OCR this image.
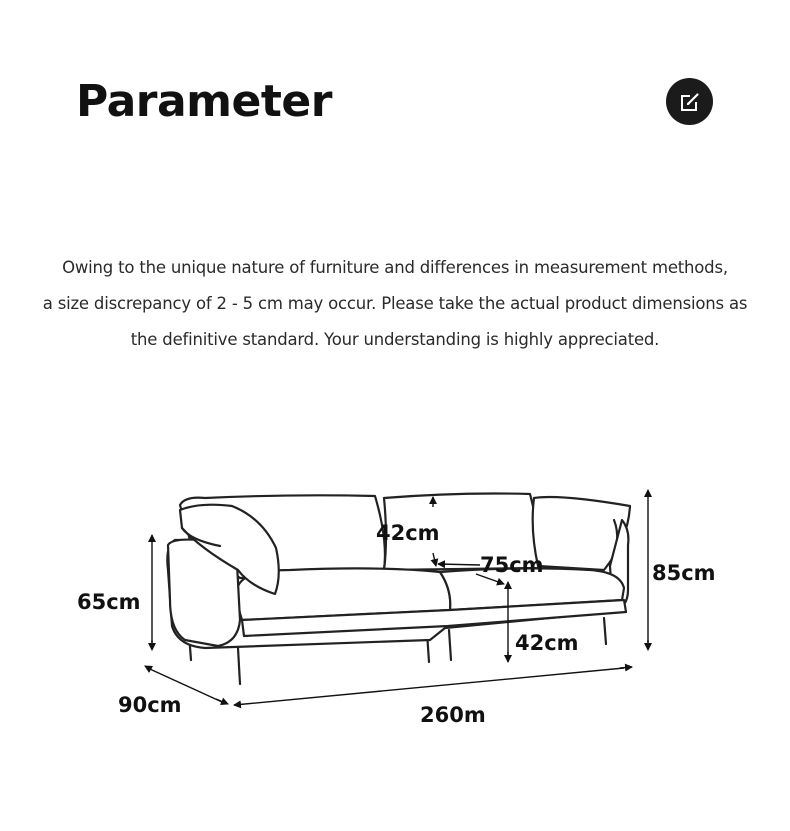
Parameter
Owing to the unique nature of furniture and differences in measurement methods,
a size discrepancy of 2 - 5 cm may occur. Please take the actual product dimensions as
the definitive standard. Your understanding is highly appreciated.
42cm
75cm	85cm
65cm
42cm
90cm	260m
